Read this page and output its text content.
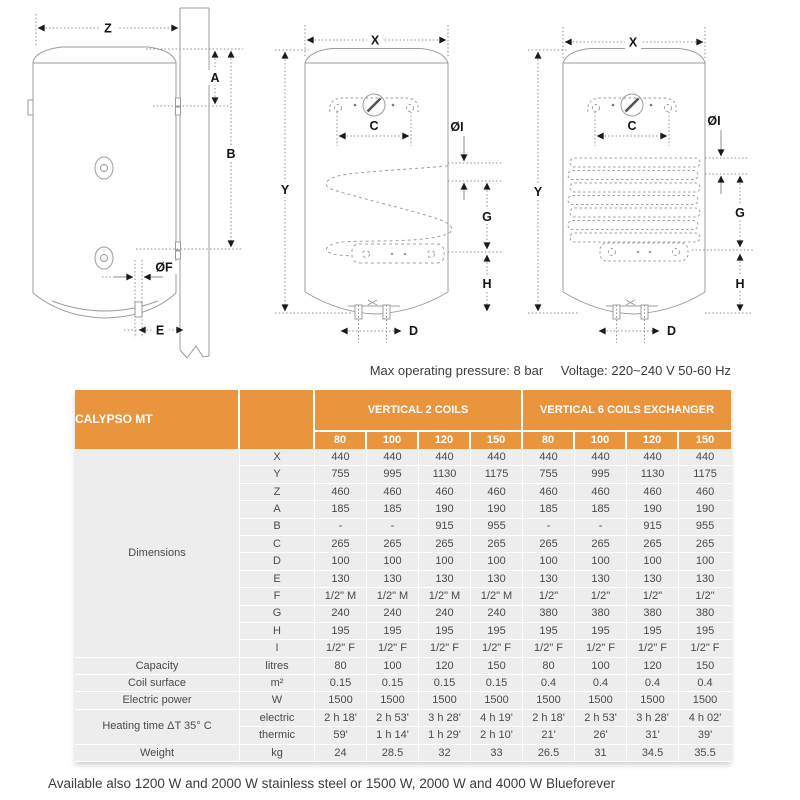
Z
A
B
ØF
E
X
Y
C	ØI
G
H
D
X
Y
C	ØI
G
H
D
Max operating pressure: 8 bar Voltage: 220~240 V 50-60 Hz
CALYPSO MT		VERTICAL 2 COILS				VERTICAL 6 COILS EXCHANGER			
		80	100	120	150	80	100	120	150
Dimensions	X	440	440	440	440	440	440	440	440
	Y	755	995	1130	1175	755	995	1130	1175
	Z	460	460	460	460	460	460	460	460
	A	185	185	190	190	185	185	190	190
	B	-	-	915	955	-	-	915	955
	C	265	265	265	265	265	265	265	265
	D	100	100	100	100	100	100	100	100
	E	130	130	130	130	130	130	130	130
	F	1/2" M	1/2" M	1/2" M	1/2" M	1/2"	1/2"	1/2"	1/2"
	G	240	240	240	240	380	380	380	380
	H	195	195	195	195	195	195	195	195
	I	1/2" F	1/2" F	1/2" F	1/2" F	1/2" F	1/2" F	1/2" F	1/2" F
Capacity	litres	80	100	120	150	80	100	120	150
Coil surface	m²	0.15	0.15	0.15	0.15	0.4	0.4	0.4	0.4
Electric power	W	1500	1500	1500	1500	1500	1500	1500	1500
Heating time ΔT 35° C	electric	2 h 18'	2 h 53'	3 h 28'	4 h 19'	2 h 18'	2 h 53'	3 h 28'	4 h 02'
	thermic	59'	1 h 14'	1 h 29'	2 h 10'	21'	26'	31'	39'
Weight	kg	24	28.5	32	33	26.5	31	34.5	35.5
Available also 1200 W and 2000 W stainless steel or 1500 W, 2000 W and 4000 W Blueforever
